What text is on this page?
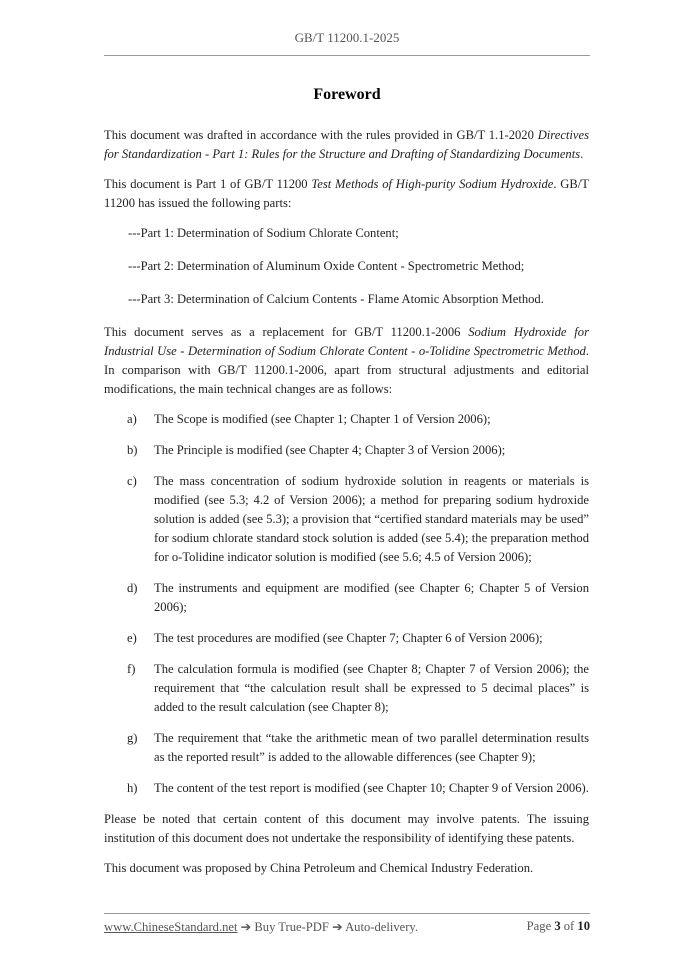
GB/T 11200.1-2025
Foreword

This document was drafted in accordance with the rules provided in GB/T 1.1-2020 Directives for Standardization - Part 1: Rules for the Structure and Drafting of Standardizing Documents.

This document is Part 1 of GB/T 11200 Test Methods of High-purity Sodium Hydroxide. GB/T 11200 has issued the following parts:

---Part 1: Determination of Sodium Chlorate Content;
---Part 2: Determination of Aluminum Oxide Content - Spectrometric Method;
---Part 3: Determination of Calcium Contents - Flame Atomic Absorption Method.

This document serves as a replacement for GB/T 11200.1-2006 Sodium Hydroxide for Industrial Use - Determination of Sodium Chlorate Content - o-Tolidine Spectrometric Method. In comparison with GB/T 11200.1-2006, apart from structural adjustments and editorial modifications, the main technical changes are as follows:

a)	The Scope is modified (see Chapter 1; Chapter 1 of Version 2006);
b)	The Principle is modified (see Chapter 4; Chapter 3 of Version 2006);
c)	The mass concentration of sodium hydroxide solution in reagents or materials is modified (see 5.3; 4.2 of Version 2006); a method for preparing sodium hydroxide solution is added (see 5.3); a provision that “certified standard materials may be used” for sodium chlorate standard stock solution is added (see 5.4); the preparation method for o-Tolidine indicator solution is modified (see 5.6; 4.5 of Version 2006);
d)	The instruments and equipment are modified (see Chapter 6; Chapter 5 of Version 2006);
e)	The test procedures are modified (see Chapter 7; Chapter 6 of Version 2006);
f)	The calculation formula is modified (see Chapter 8; Chapter 7 of Version 2006); the requirement that “the calculation result shall be expressed to 5 decimal places” is added to the result calculation (see Chapter 8);
g)	The requirement that “take the arithmetic mean of two parallel determination results as the reported result” is added to the allowable differences (see Chapter 9);
h)	The content of the test report is modified (see Chapter 10; Chapter 9 of Version 2006).

Please be noted that certain content of this document may involve patents. The issuing institution of this document does not undertake the responsibility of identifying these patents.

This document was proposed by China Petroleum and Chemical Industry Federation.

www.ChineseStandard.net ➔ Buy True-PDF ➔ Auto-delivery.	Page 3 of 10
